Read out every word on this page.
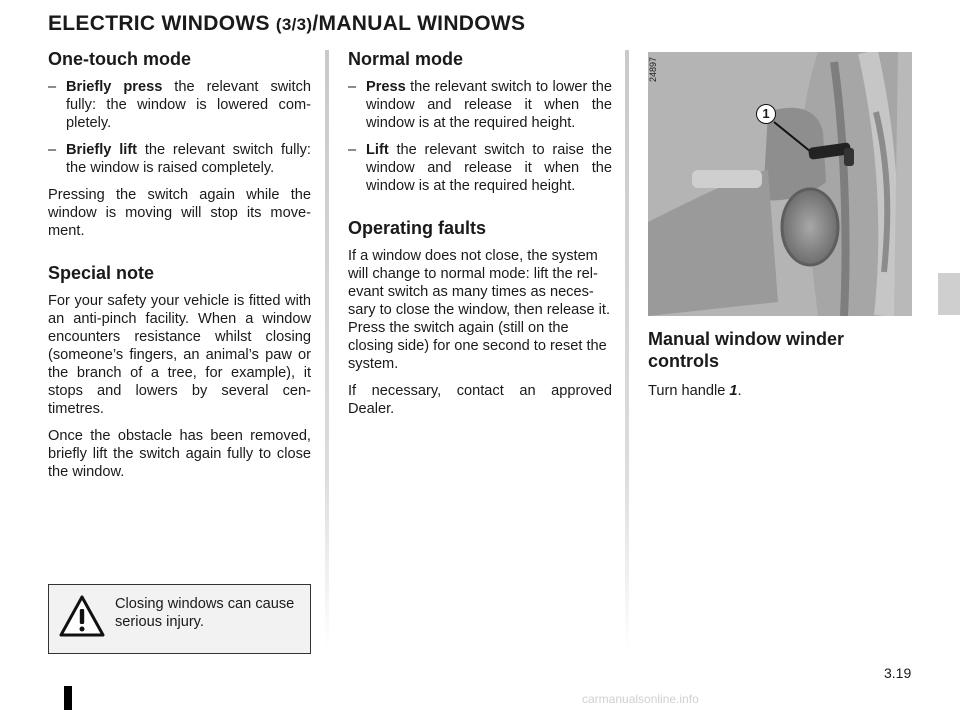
ELECTRIC WINDOWS (3/3)/MANUAL WINDOWS
One-touch mode
– Briefly press the relevant switch fully: the window is lowered completely.
– Briefly lift the relevant switch fully: the window is raised completely.

Pressing the switch again while the window is moving will stop its movement.

Special note

For your safety your vehicle is fitted with an anti-pinch facility. When a window encounters resistance whilst closing (someone’s fingers, an animal’s paw or the branch of a tree, for example), it stops and lowers by several centimetres.

Once the obstacle has been removed, briefly lift the switch again fully to close the window.

Closing windows can cause serious injury.
Normal mode
– Press the relevant switch to lower the window and release it when the window is at the required height.
– Lift the relevant switch to raise the window and release it when the window is at the required height.
Operating faults

If a window does not close, the system will change to normal mode: lift the relevant switch as many times as necessary to close the window, then release it. Press the switch again (still on the closing side) for one second to reset the system.

If necessary, contact an approved Dealer.

24897
1
Manual window winder controls

Turn handle 1.

3.19
carmanualsonline.info
